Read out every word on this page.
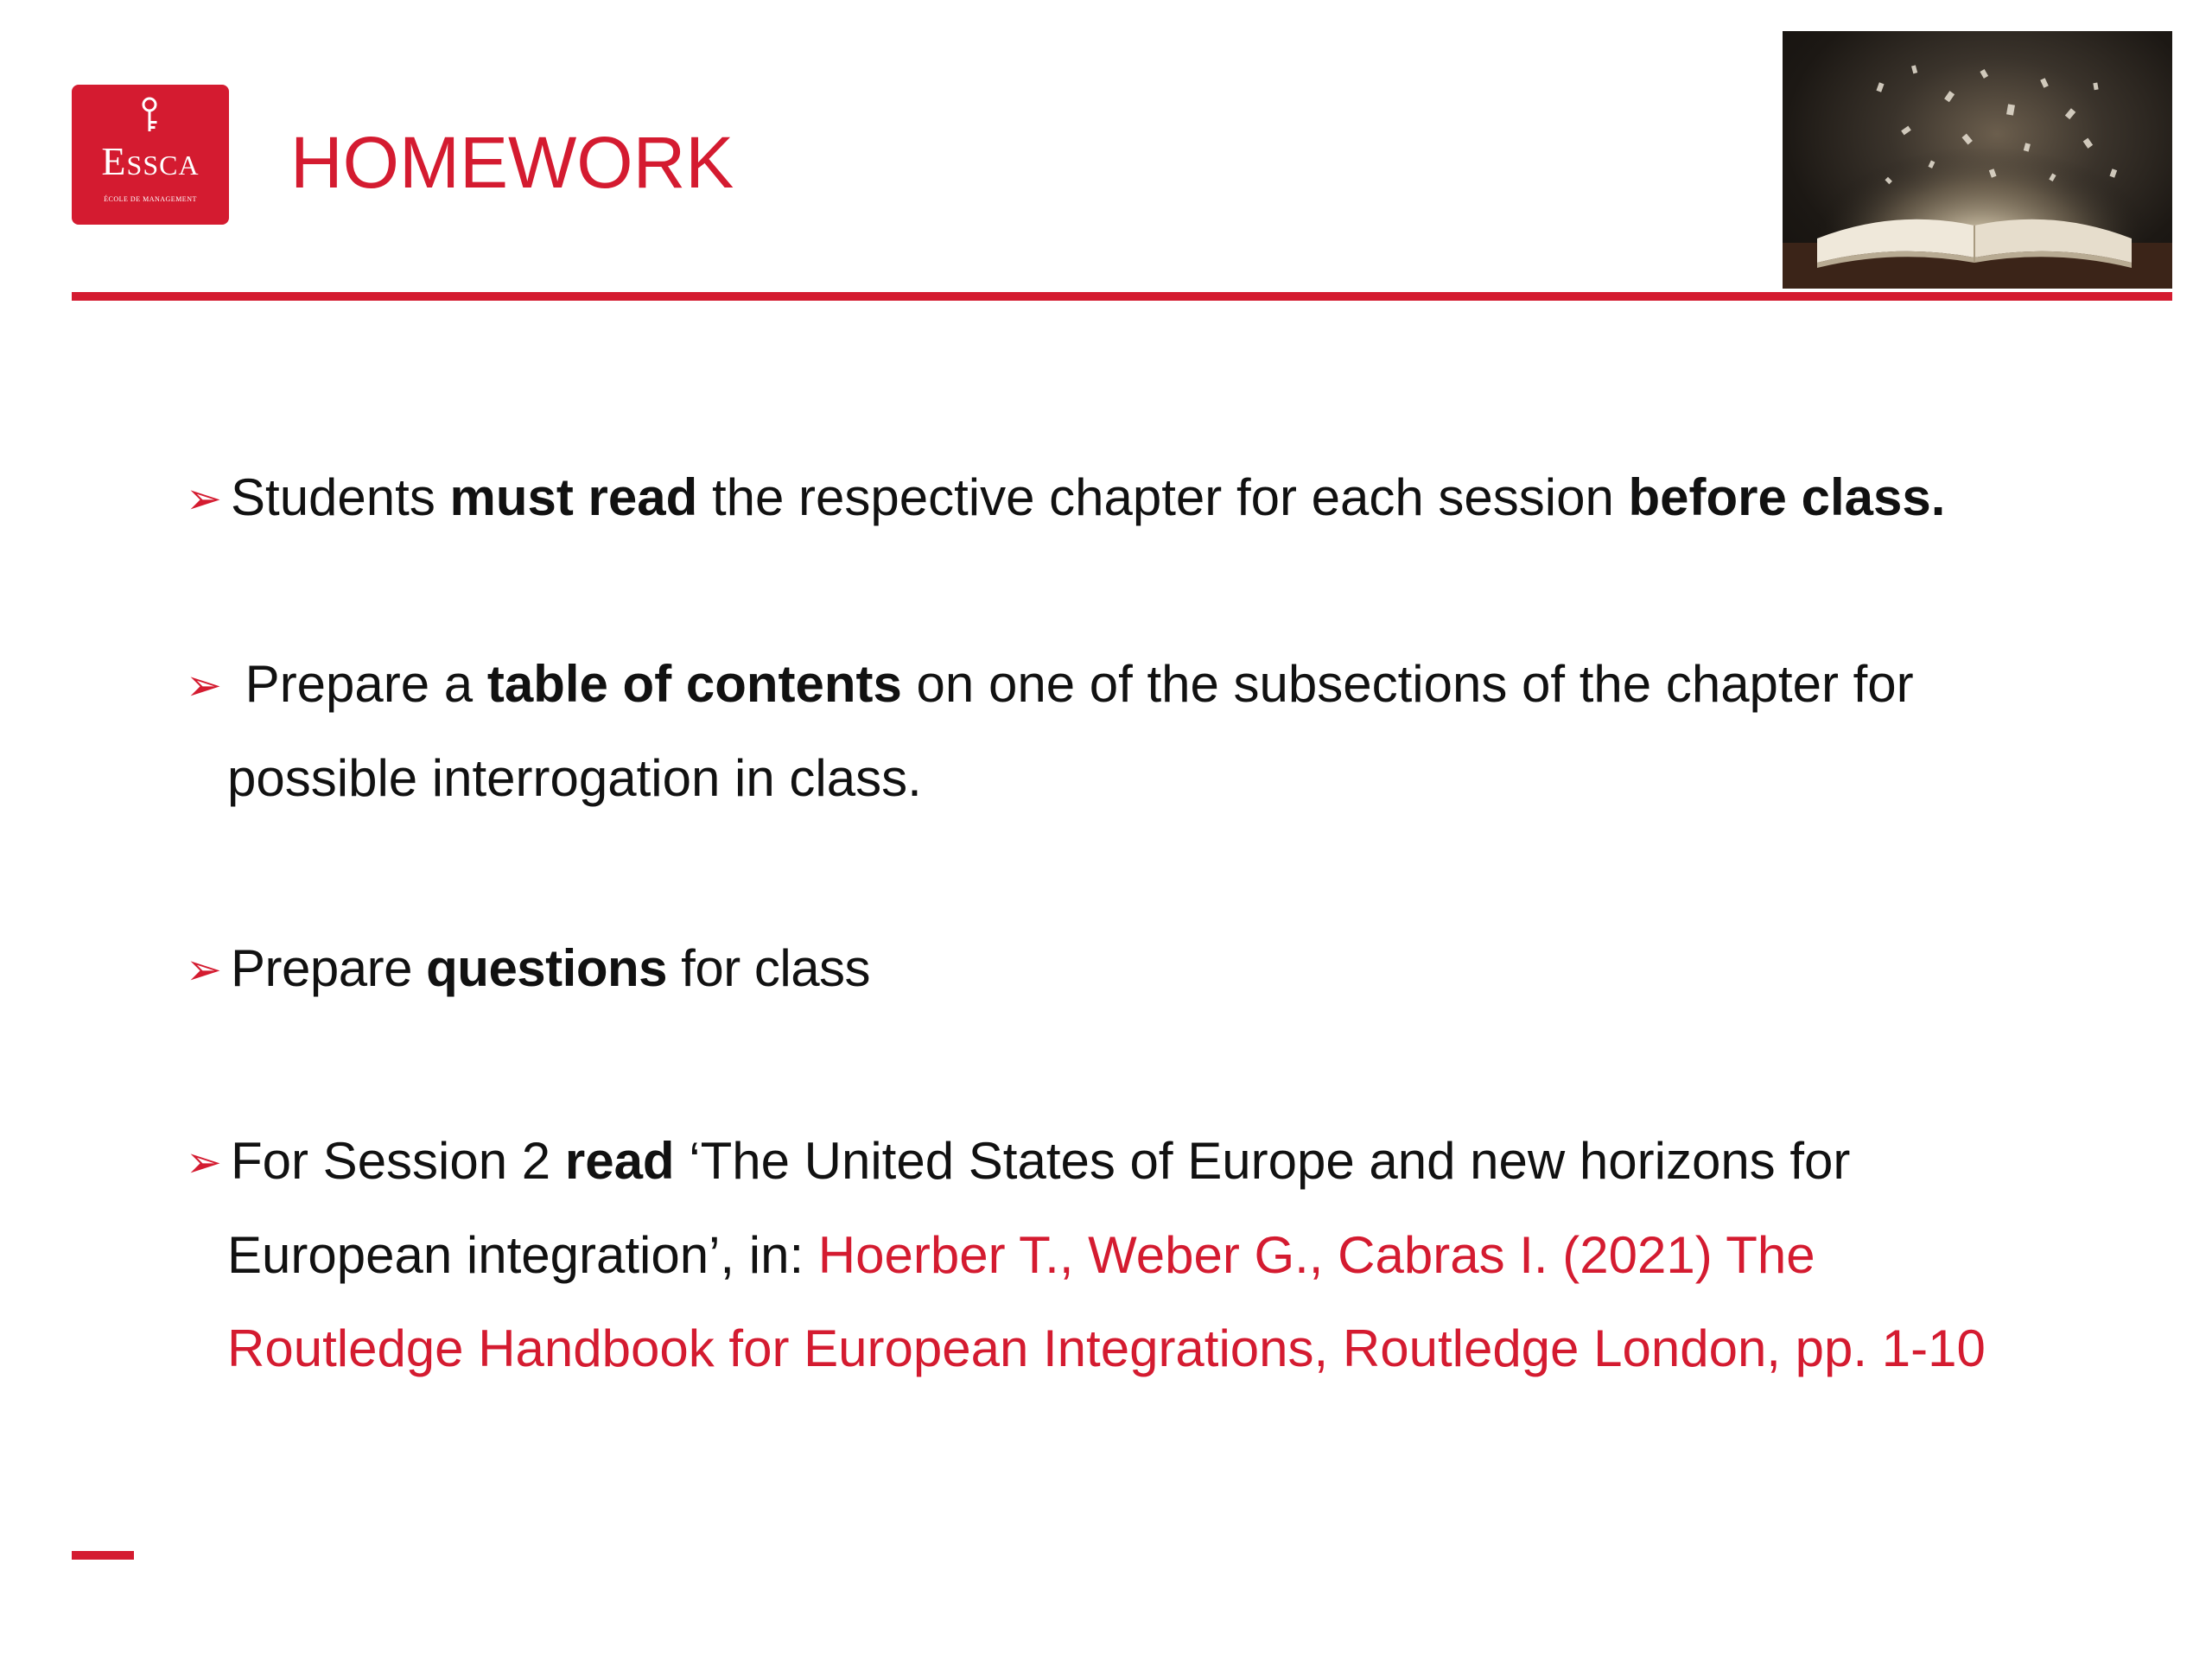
Essca
ÉCOLE DE MANAGEMENT	HOMEWORK
➢ Students must read the respective chapter for each session before class.
➢ Prepare a table of contents on one of the subsections of the chapter for
possible interrogation in class.
➢ Prepare questions for class
➢ For Session 2 read ‘The United States of Europe and new horizons for
European integration’, in: Hoerber T., Weber G., Cabras I. (2021) The
Routledge Handbook for European Integrations, Routledge London, pp. 1-10
